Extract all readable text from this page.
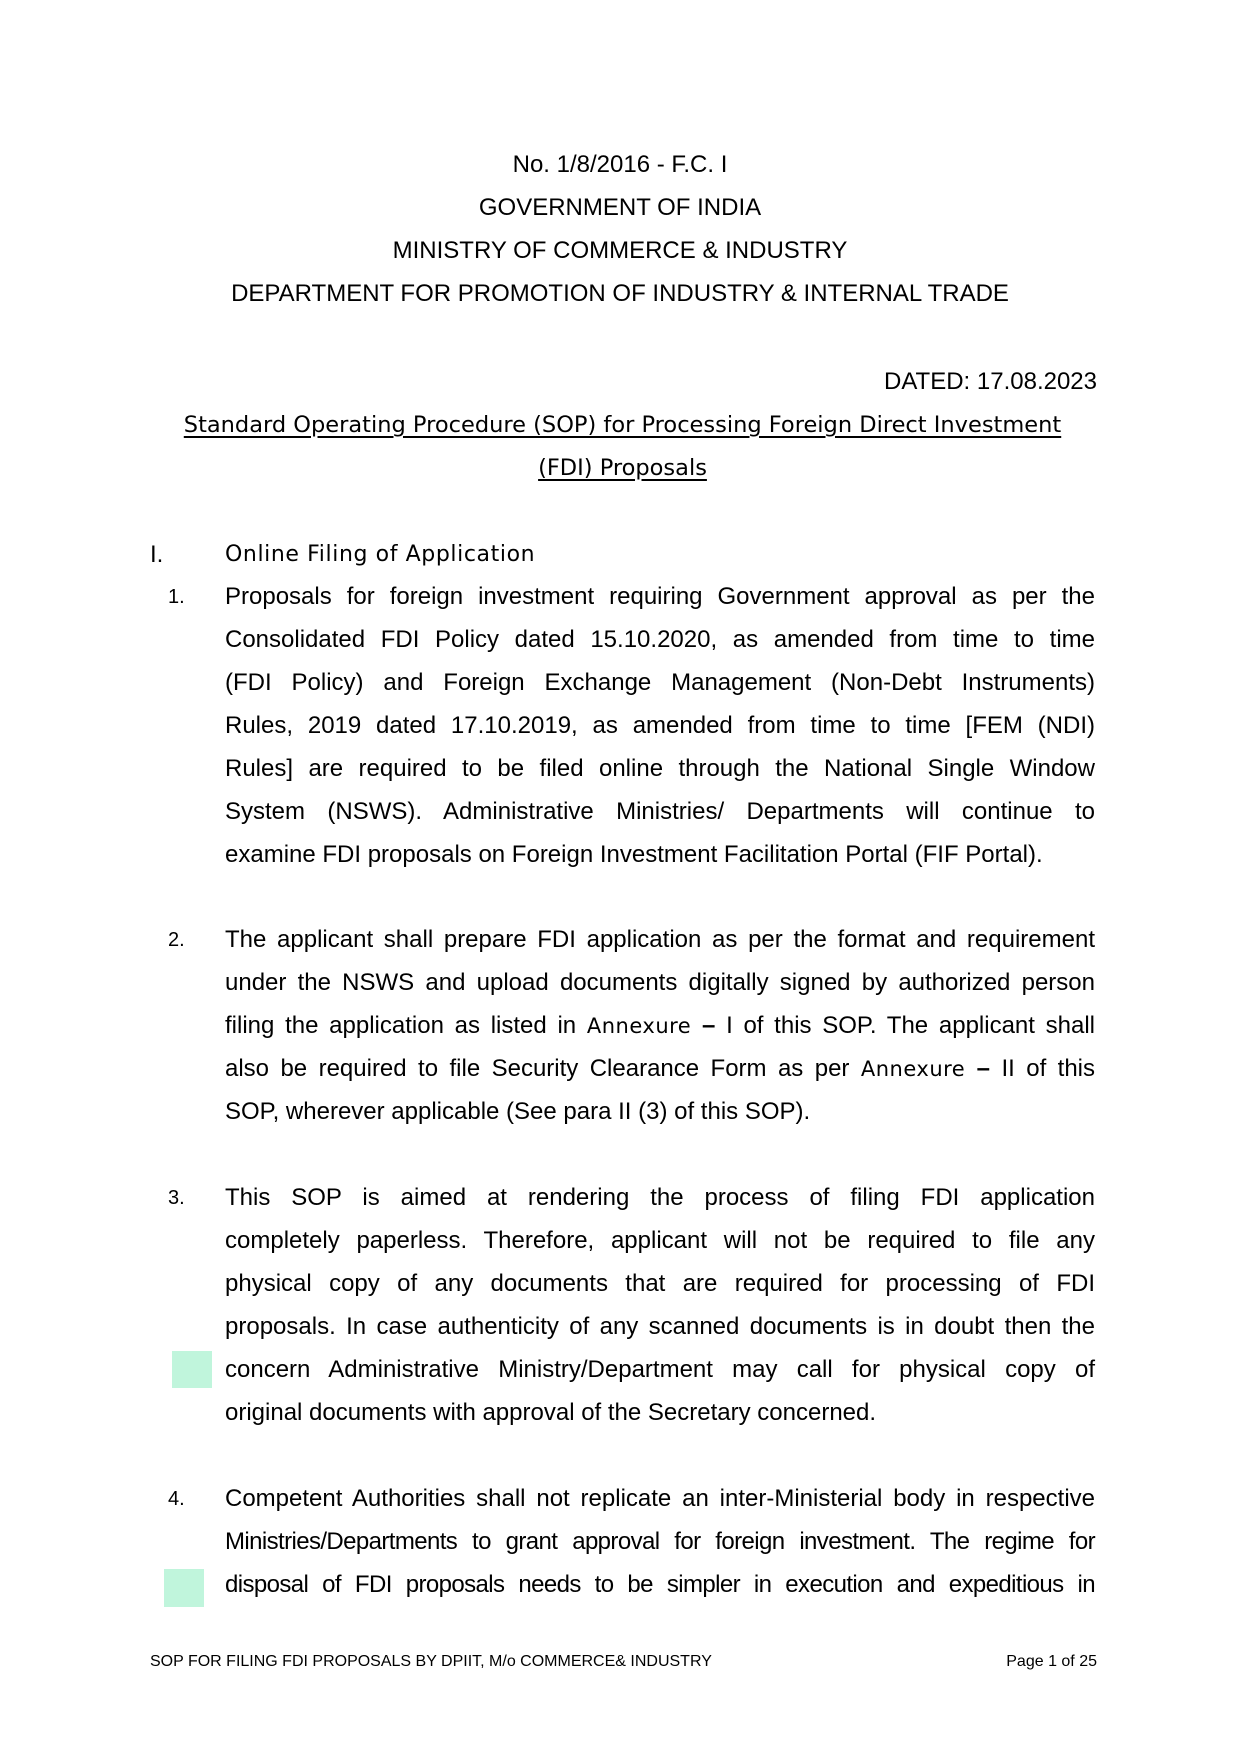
No. 1/8/2016 - F.C. I
GOVERNMENT OF INDIA
MINISTRY OF COMMERCE & INDUSTRY
DEPARTMENT FOR PROMOTION OF INDUSTRY & INTERNAL TRADE
DATED: 17.08.2023
Standard Operating Procedure (SOP) for Processing Foreign Direct Investment
(FDI) Proposals
I.	Online Filing of Application
1. Proposals for foreign investment requiring Government approval as per the
Consolidated FDI Policy dated 15.10.2020, as amended from time to time
(FDI Policy) and Foreign Exchange Management (Non-Debt Instruments)
Rules, 2019 dated 17.10.2019, as amended from time to time [FEM (NDI)
Rules] are required to be filed online through the National Single Window
System (NSWS). Administrative Ministries/ Departments will continue to
examine FDI proposals on Foreign Investment Facilitation Portal (FIF Portal).
2. The applicant shall prepare FDI application as per the format and requirement
under the NSWS and upload documents digitally signed by authorized person
filing the application as listed in Annexure – I of this SOP. The applicant shall
also be required to file Security Clearance Form as per Annexure – II of this
SOP, wherever applicable (See para II (3) of this SOP).
3. This SOP is aimed at rendering the process of filing FDI application
completely paperless. Therefore, applicant will not be required to file any
physical copy of any documents that are required for processing of FDI
proposals. In case authenticity of any scanned documents is in doubt then the
concern Administrative Ministry/Department may call for physical copy of
original documents with approval of the Secretary concerned.
4. Competent Authorities shall not replicate an inter-Ministerial body in respective
Ministries/Departments to grant approval for foreign investment. The regime for
disposal of FDI proposals needs to be simpler in execution and expeditious in
SOP FOR FILING FDI PROPOSALS BY DPIIT, M/o COMMERCE& INDUSTRY	Page 1 of 25
